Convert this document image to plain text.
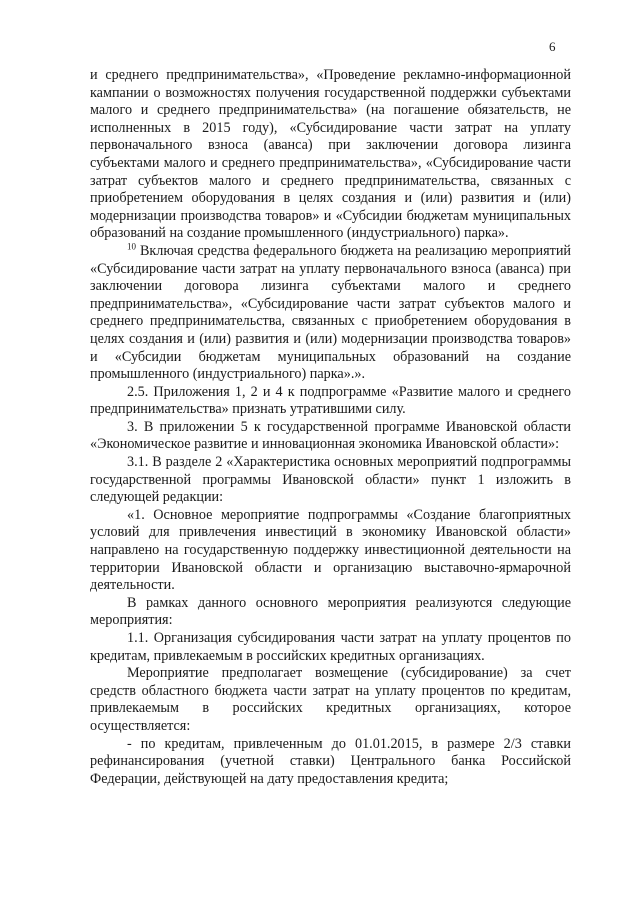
6

и среднего предпринимательства», «Проведение рекламно-информационной кампании о возможностях получения государственной поддержки субъектами малого и среднего предпринимательства» (на погашение обязательств, не исполненных в 2015 году), «Субсидирование части затрат на уплату первоначального взноса (аванса) при заключении договора лизинга субъектами малого и среднего предпринимательства», «Субсидирование части затрат субъектов малого и среднего предпринимательства, связанных с приобретением оборудования в целях создания и (или) развития и (или) модернизации производства товаров» и «Субсидии бюджетам муниципальных образований на создание промышленного (индустриального) парка».

$^{10}$ Включая средства федерального бюджета на реализацию мероприятий «Субсидирование части затрат на уплату первоначального взноса (аванса) при заключении договора лизинга субъектами малого и среднего предпринимательства», «Субсидирование части затрат субъектов малого и среднего предпринимательства, связанных с приобретением оборудования в целях создания и (или) развития и (или) модернизации производства товаров» и «Субсидии бюджетам муниципальных образований на создание промышленного (индустриального) парка».».

2.5. Приложения 1, 2 и 4 к подпрограмме «Развитие малого и среднего предпринимательства» признать утратившими силу.

3. В приложении 5 к государственной программе Ивановской области «Экономическое развитие и инновационная экономика Ивановской области»:

3.1. В разделе 2 «Характеристика основных мероприятий подпрограммы государственной программы Ивановской области» пункт 1 изложить в следующей редакции:

«1. Основное мероприятие подпрограммы «Создание благоприятных условий для привлечения инвестиций в экономику Ивановской области» направлено на государственную поддержку инвестиционной деятельности на территории Ивановской области и организацию выставочно-ярмарочной деятельности.

В рамках данного основного мероприятия реализуются следующие мероприятия:

1.1. Организация субсидирования части затрат на уплату процентов по кредитам, привлекаемым в российских кредитных организациях.

Мероприятие предполагает возмещение (субсидирование) за счет средств областного бюджета части затрат на уплату процентов по кредитам, привлекаемым в российских кредитных организациях, которое осуществляется:

- по кредитам, привлеченным до 01.01.2015, в размере 2/3 ставки рефинансирования (учетной ставки) Центрального банка Российской Федерации, действующей на дату предоставления кредита;
